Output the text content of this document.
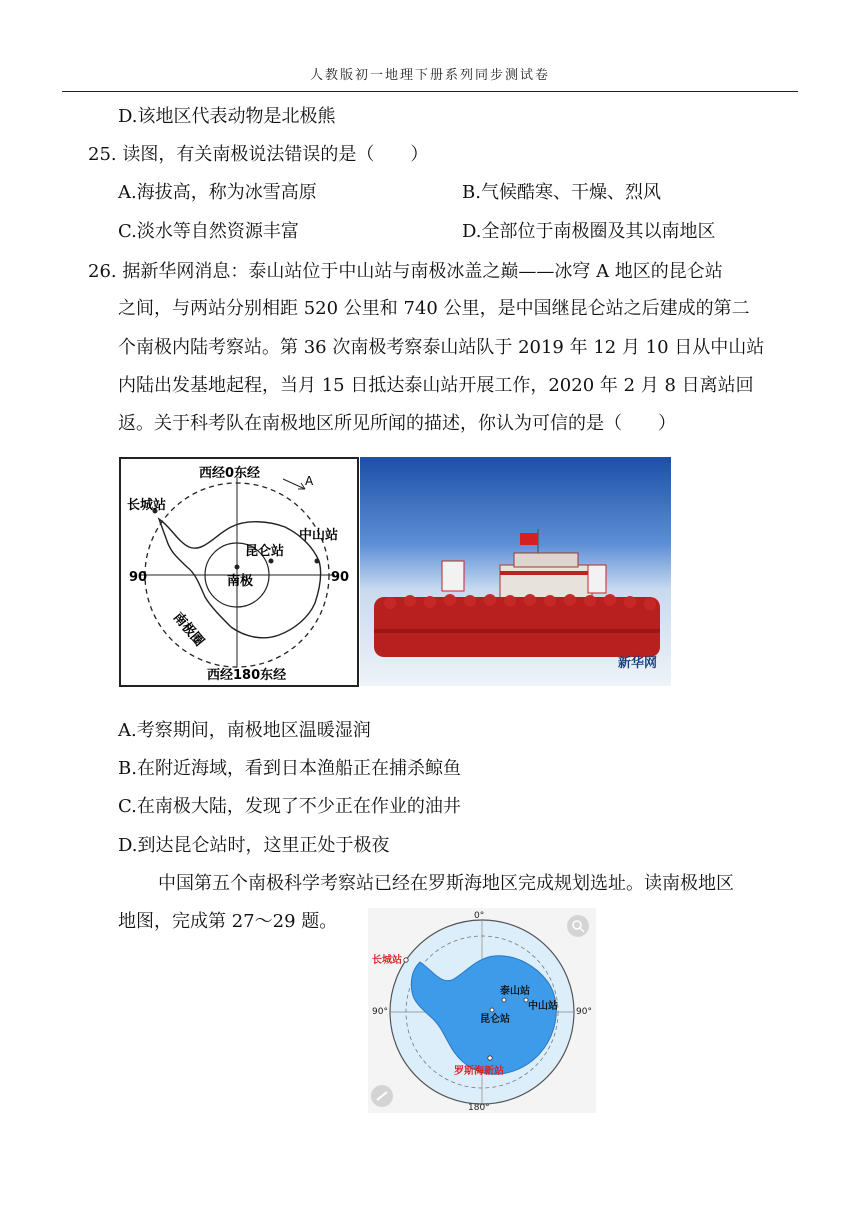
人教版初一地理下册系列同步测试卷
D.该地区代表动物是北极熊
25. 读图，有关南极说法错误的是（　　）
A.海拔高，称为冰雪高原	B.气候酷寒、干燥、烈风
C.淡水等自然资源丰富	D.全部位于南极圈及其以南地区
26. 据新华网消息：泰山站位于中山站与南极冰盖之巅——冰穹 A 地区的昆仑站
之间，与两站分别相距 520 公里和 740 公里，是中国继昆仑站之后建成的第二
个南极内陆考察站。第 36 次南极考察泰山站队于 2019 年 12 月 10 日从中山站
内陆出发基地起程，当月 15 日抵达泰山站开展工作，2020 年 2 月 8 日离站回
返。关于科考队在南极地区所见所闻的描述，你认为可信的是（　　）
西经0东经
西经180东经
90	90
A
长城站
昆仑站
中山站
南极
南极圈
新华网
A.考察期间，南极地区温暖湿润
B.在附近海域，看到日本渔船正在捕杀鲸鱼
C.在南极大陆，发现了不少正在作业的油井
D.到达昆仑站时，这里正处于极夜
中国第五个南极科学考察站已经在罗斯海地区完成规划选址。读南极地区
地图，完成第 27～29 题。	0°
180°
90°	90°
长城站
泰山站
中山站
昆仑站
罗斯海新站
